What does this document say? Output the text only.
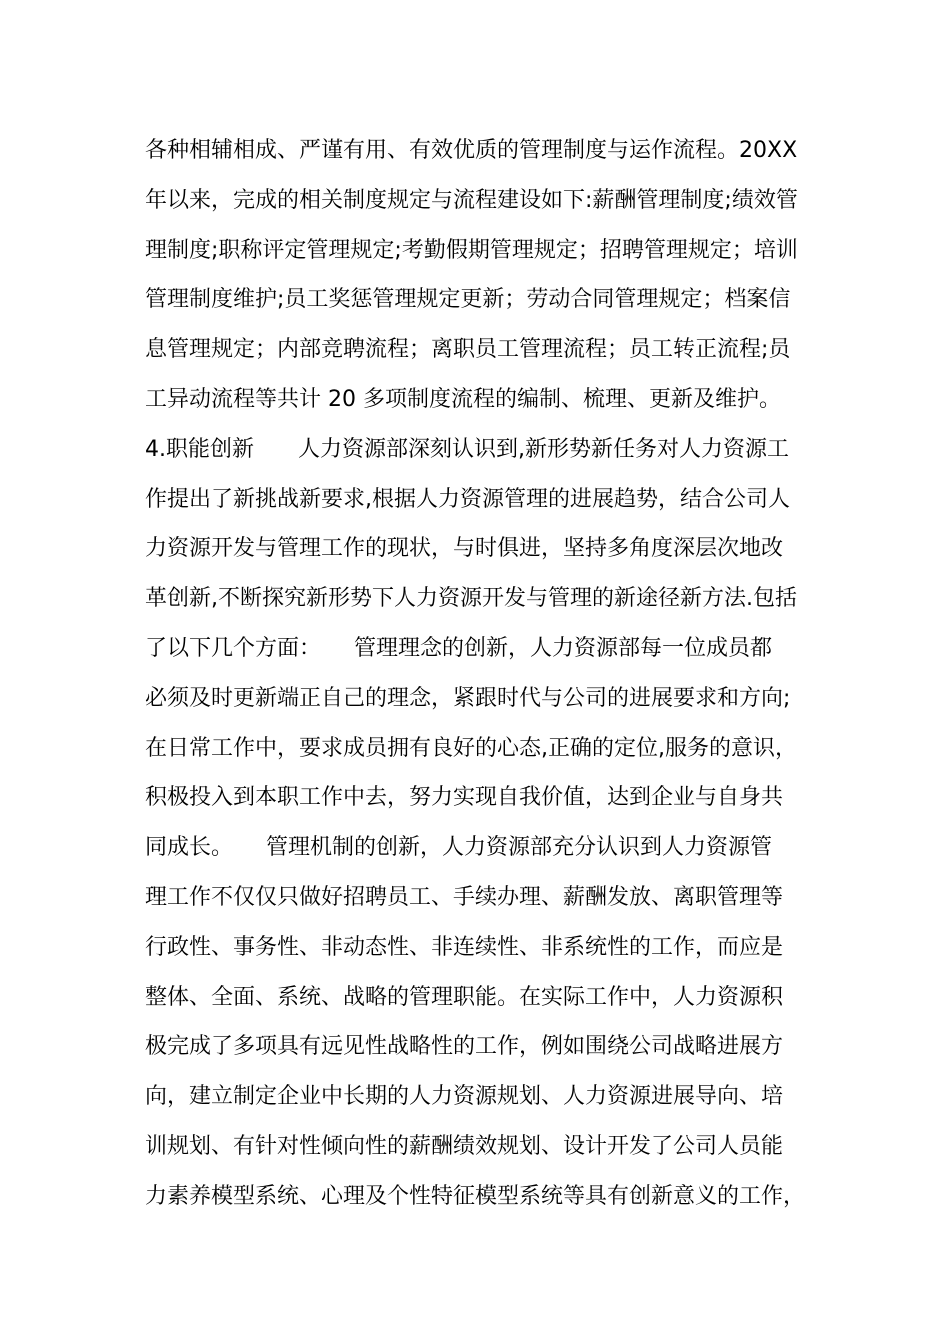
各种相辅相成、严谨有用、有效优质的管理制度与运作流程。20XX
年以来，完成的相关制度规定与流程建设如下:薪酬管理制度;绩效管
理制度;职称评定管理规定;考勤假期管理规定；招聘管理规定；培训
管理制度维护;员工奖惩管理规定更新；劳动合同管理规定；档案信
息管理规定；内部竞聘流程；离职员工管理流程；员工转正流程;员
工异动流程等共计 20 多项制度流程的编制、梳理、更新及维护。
4.职能创新　　人力资源部深刻认识到,新形势新任务对人力资源工
作提出了新挑战新要求,根据人力资源管理的进展趋势，结合公司人
力资源开发与管理工作的现状，与时俱进，坚持多角度深层次地改
革创新,不断探究新形势下人力资源开发与管理的新途径新方法.包括
了以下几个方面：　　管理理念的创新，人力资源部每一位成员都
必须及时更新端正自己的理念，紧跟时代与公司的进展要求和方向;
在日常工作中，要求成员拥有良好的心态,正确的定位,服务的意识，
积极投入到本职工作中去，努力实现自我价值，达到企业与自身共
同成长。　　管理机制的创新，人力资源部充分认识到人力资源管
理工作不仅仅只做好招聘员工、手续办理、薪酬发放、离职管理等
行政性、事务性、非动态性、非连续性、非系统性的工作，而应是
整体、全面、系统、战略的管理职能。在实际工作中，人力资源积
极完成了多项具有远见性战略性的工作，例如围绕公司战略进展方
向，建立制定企业中长期的人力资源规划、人力资源进展导向、培
训规划、有针对性倾向性的薪酬绩效规划、设计开发了公司人员能
力素养模型系统、心理及个性特征模型系统等具有创新意义的工作，
